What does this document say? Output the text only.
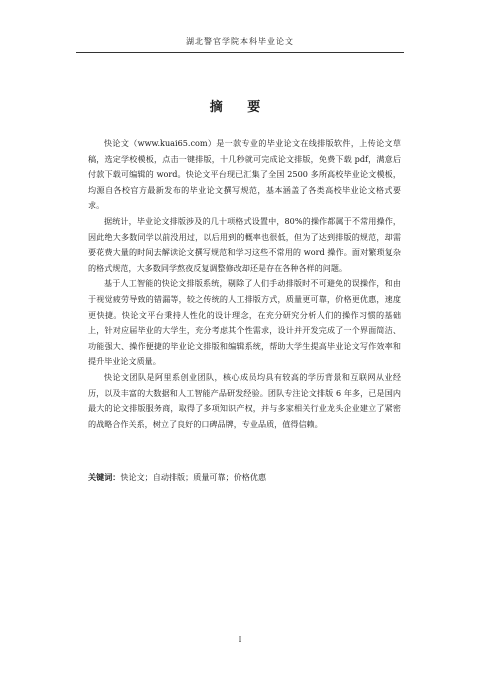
湖北警官学院本科毕业论文
摘 要

快论文（www.kuai65.com）是一款专业的毕业论文在线排版软件，上传论文草稿，选定学校模板，点击一键排版，十几秒就可完成论文排版，免费下载 pdf，满意后付款下载可编辑的 word。快论文平台现已汇集了全国 2500 多所高校毕业论文模板，均源自各校官方最新发布的毕业论文撰写规范，基本涵盖了各类高校毕业论文格式要求。

据统计，毕业论文排版涉及的几十项格式设置中，80%的操作都属于不常用操作，因此绝大多数同学以前没用过，以后用到的概率也很低，但为了达到排版的规范，却需要花费大量的时间去解读论文撰写规范和学习这些不常用的 word 操作。面对繁琐复杂的格式规范，大多数同学熬夜反复调整修改却还是存在各种各样的问题。

基于人工智能的快论文排版系统，剔除了人们手动排版时不可避免的误操作，和由于视觉疲劳导致的错漏等，较之传统的人工排版方式，质量更可靠，价格更优惠，速度更快捷。快论文平台秉持人性化的设计理念，在充分研究分析人们的操作习惯的基础上，针对应届毕业的大学生，充分考虑其个性需求，设计并开发完成了一个界面简洁、功能强大、操作便捷的毕业论文排版和编辑系统，帮助大学生提高毕业论文写作效率和提升毕业论文质量。

快论文团队是阿里系创业团队，核心成员均具有较高的学历背景和互联网从业经历，以及丰富的大数据和人工智能产品研发经验。团队专注论文排版 6 年多，已是国内最大的论文排版服务商，取得了多项知识产权，并与多家相关行业龙头企业建立了紧密的战略合作关系，树立了良好的口碑品牌，专业品质，值得信赖。

关键词：快论文；自动排版；质量可靠；价格优惠
I
